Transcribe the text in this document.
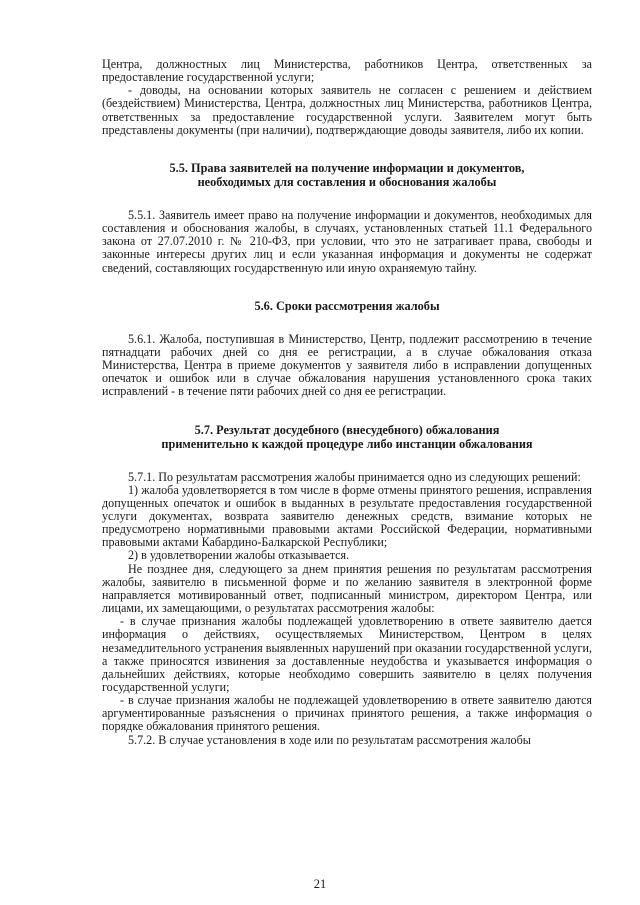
Центра, должностных лиц Министерства, работников Центра, ответственных за предоставление государственной услуги;

- доводы, на основании которых заявитель не согласен с решением и действием (бездействием) Министерства, Центра, должностных лиц Министерства, работников Центра, ответственных за предоставление государственной услуги. Заявителем могут быть представлены документы (при наличии), подтверждающие доводы заявителя, либо их копии.

5.5. Права заявителей на получение информации и документов,
необходимых для составления и обоснования жалобы

5.5.1. Заявитель имеет право на получение информации и документов, необходимых для составления и обоснования жалобы, в случаях, установленных статьей 11.1 Федерального закона от 27.07.2010 г. № 210-ФЗ, при условии, что это не затрагивает права, свободы и законные интересы других лиц и если указанная информация и документы не содержат сведений, составляющих государственную или иную охраняемую тайну.

5.6. Сроки рассмотрения жалобы

5.6.1. Жалоба, поступившая в Министерство, Центр, подлежит рассмотрению в течение пятнадцати рабочих дней со дня ее регистрации, а в случае обжалования отказа Министерства, Центра в приеме документов у заявителя либо в исправлении допущенных опечаток и ошибок или в случае обжалования нарушения установленного срока таких исправлений - в течение пяти рабочих дней со дня ее регистрации.

5.7. Результат досудебного (внесудебного) обжалования
применительно к каждой процедуре либо инстанции обжалования

5.7.1. По результатам рассмотрения жалобы принимается одно из следующих решений:

1) жалоба удовлетворяется в том числе в форме отмены принятого решения, исправления допущенных опечаток и ошибок в выданных в результате предоставления государственной услуги документах, возврата заявителю денежных средств, взимание которых не предусмотрено нормативными правовыми актами Российской Федерации, нормативными правовыми актами Кабардино-Балкарской Республики;

2) в удовлетворении жалобы отказывается.

Не позднее дня, следующего за днем принятия решения по результатам рассмотрения жалобы, заявителю в письменной форме и по желанию заявителя в электронной форме направляется мотивированный ответ, подписанный министром, директором Центра, или лицами, их замещающими, о результатах рассмотрения жалобы:

- в случае признания жалобы подлежащей удовлетворению в ответе заявителю дается информация о действиях, осуществляемых Министерством, Центром в целях незамедлительного устранения выявленных нарушений при оказании государственной услуги, а также приносятся извинения за доставленные неудобства и указывается информация о дальнейших действиях, которые необходимо совершить заявителю в целях получения государственной услуги;

- в случае признания жалобы не подлежащей удовлетворению в ответе заявителю даются аргументированные разъяснения о причинах принятого решения, а также информация о порядке обжалования принятого решения.

5.7.2. В случае установления в ходе или по результатам рассмотрения жалобы

21
